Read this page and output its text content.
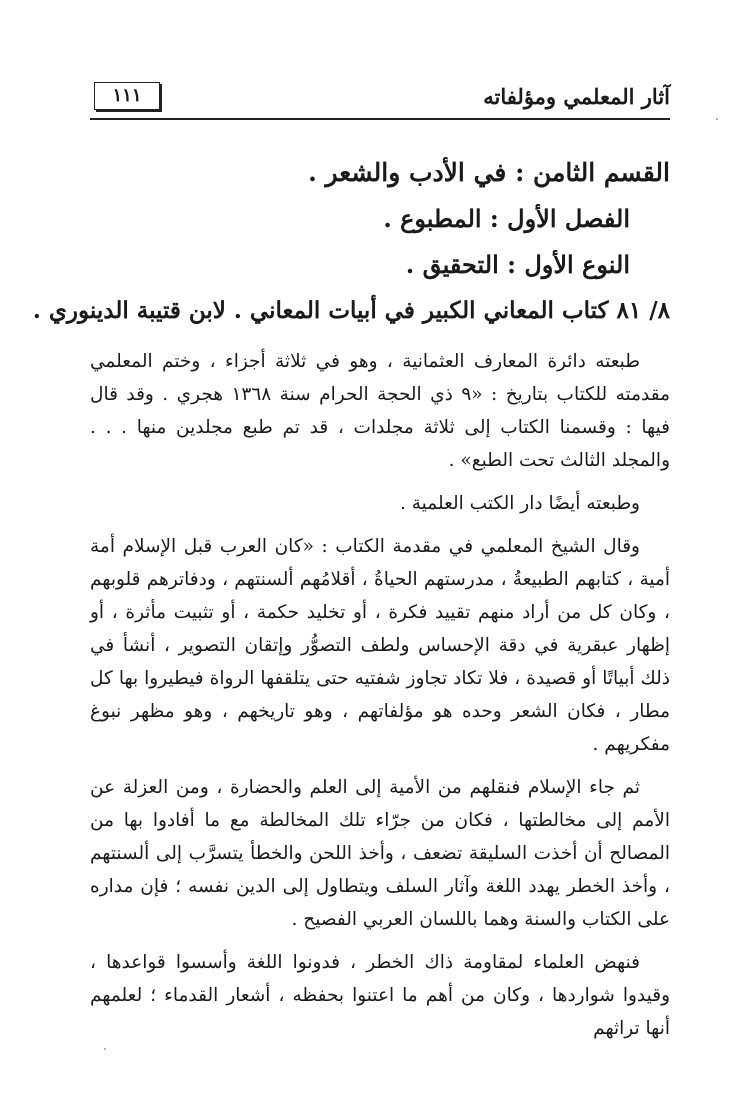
آثار المعلمي ومؤلفاته
١١١

القسم الثامن : في الأدب والشعر .

الفصل الأول : المطبوع .

النوع الأول : التحقيق .

٨/ ٨١ كتاب المعاني الكبير في أبيات المعاني . لابن قتيبة الدينوري .

طبعته دائرة المعارف العثمانية ، وهو في ثلاثة أجزاء ، وختم المعلمي مقدمته للكتاب بتاريخ : «٩ ذي الحجة الحرام سنة ١٣٦٨ هجري . وقد قال فيها : وقسمنا الكتاب إلى ثلاثة مجلدات ، قد تم طبع مجلدين منها . . . والمجلد الثالث تحت الطبع» .

وطبعته أيضًا دار الكتب العلمية .

وقال الشيخ المعلمي في مقدمة الكتاب : «كان العرب قبل الإسلام أمة أمية ، كتابهم الطبيعةُ ، مدرستهم الحياةُ ، أقلامُهم ألسنتهم ، ودفاترهم قلوبهم ، وكان كل من أراد منهم تقييد فكرة ، أو تخليد حكمة ، أو تثبيت مأثرة ، أو إظهار عبقرية في دقة الإحساس ولطف التصوُّر وإتقان التصوير ، أنشأ في ذلك أبياتًا أو قصيدة ، فلا تكاد تجاوز شفتيه حتى يتلقفها الرواة فيطيروا بها كل مطار ، فكان الشعر وحده هو مؤلفاتهم ، وهو تاريخهم ، وهو مظهر نبوغ مفكريهم .

ثم جاء الإسلام فنقلهم من الأمية إلى العلم والحضارة ، ومن العزلة عن الأمم إلى مخالطتها ، فكان من جرّاء تلك المخالطة مع ما أفادوا بها من المصالح أن أخذت السليقة تضعف ، وأخذ اللحن والخطأ يتسرَّب إلى ألسنتهم ، وأخذ الخطر يهدد اللغة وآثار السلف ويتطاول إلى الدين نفسه ؛ فإن مداره على الكتاب والسنة وهما باللسان العربي الفصيح .

فنهض العلماء لمقاومة ذاك الخطر ، فدونوا اللغة وأسسوا قواعدها ، وقيدوا شواردها ، وكان من أهم ما اعتنوا بحفظه ، أشعار القدماء ؛ لعلمهم أنها تراثهم
